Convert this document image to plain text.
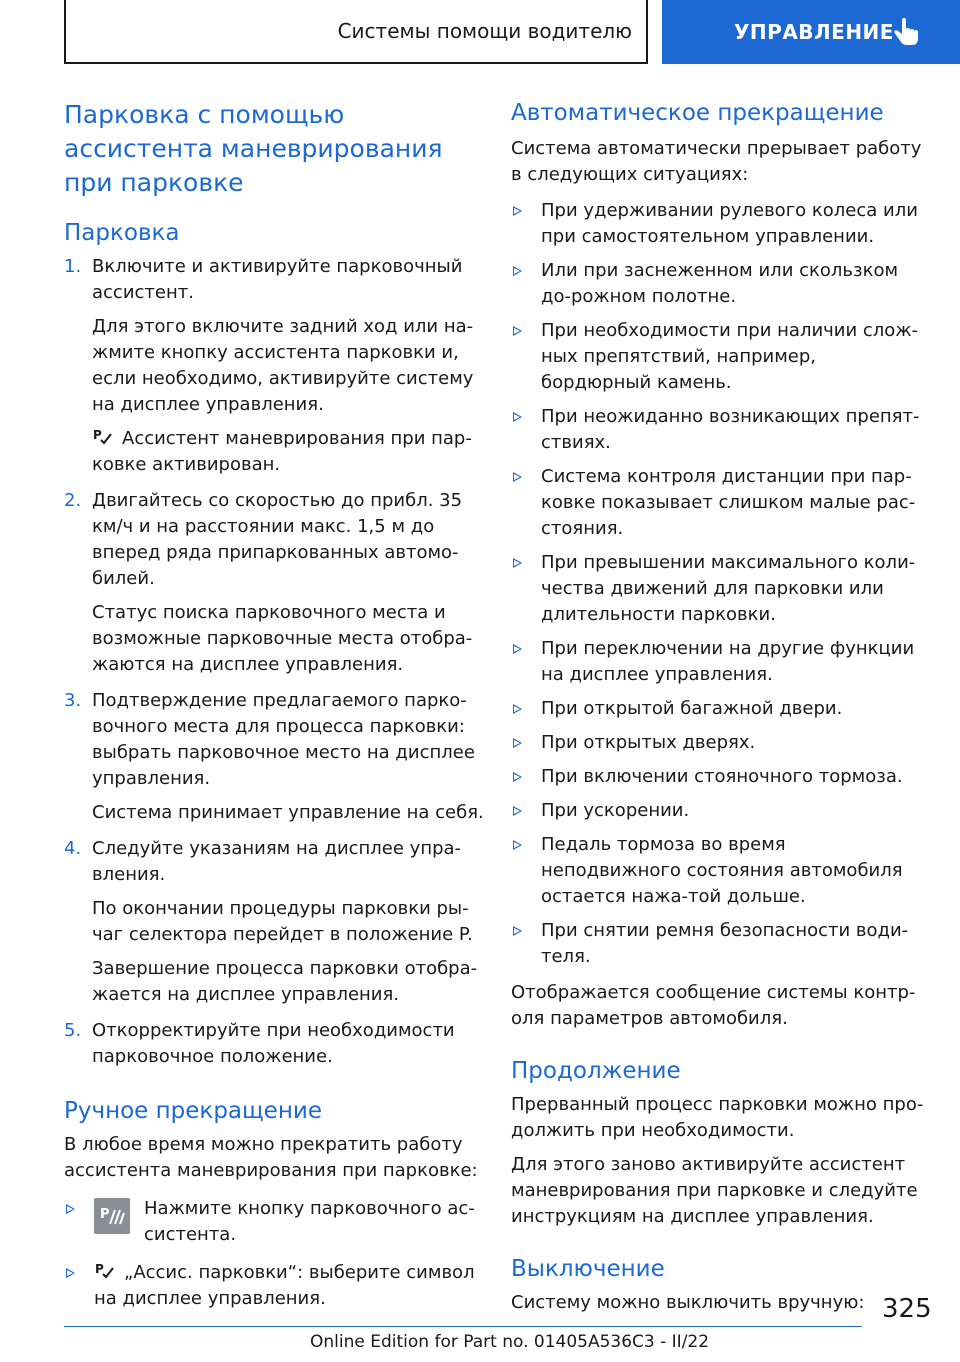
Системы помощи водителю	УПРАВЛЕНИЕ
Парковка с помощью ассистента маневрирования при парковке
Парковка
1. Включите и активируйте парковочный ассистент.

Для этого включите задний ход или на-жмите кнопку ассистента парковки и, если необходимо, активируйте систему на дисплее управления.

P Ассистент маневрирования при пар-ковке активирован.

2. Двигайтесь со скоростью до прибл. 35 км/ч и на расстоянии макс. 1,5 м до вперед ряда припаркованных автомо-билей.

Статус поиска парковочного места и возможные парковочные места отобра-жаются на дисплее управления.

3. Подтверждение предлагаемого парко-вочного места для процесса парковки: выбрать парковочное место на дисплее управления.

Система принимает управление на себя.

4. Следуйте указаниям на дисплее упра-вления.

По окончании процедуры парковки ры-чаг селектора перейдет в положение P.

Завершение процесса парковки отобра-жается на дисплее управления.

5. Откорректируйте при необходимости парковочное положение.

Ручное прекращение

В любое время можно прекратить работу ассистента маневрирования при парковке:

P Нажмите кнопку парковочного ас-систента.
P „Ассис. парковки“: выберите символ на дисплее управления.
Автоматическое прекращение

Система автоматически прерывает работу в следующих ситуациях:

При удерживании рулевого колеса или при самостоятельном управлении.
Или при заснеженном или скользком до-рожном полотне.
При необходимости при наличии слож-ных препятствий, например, бордюрный камень.
При неожиданно возникающих препят-ствиях.
Система контроля дистанции при пар-ковке показывает слишком малые рас-стояния.
При превышении максимального коли-чества движений для парковки или длительности парковки.
При переключении на другие функции на дисплее управления.
При открытой багажной двери.
При открытых дверях.
При включении стояночного тормоза.
При ускорении.
Педаль тормоза во время неподвижного состояния автомобиля остается нажа-той дольше.
При снятии ремня безопасности води-теля.

Отображается сообщение системы контр-оля параметров автомобиля.

Продолжение

Прерванный процесс парковки можно про-должить при необходимости.

Для этого заново активируйте ассистент маневрирования при парковке и следуйте инструкциям на дисплее управления.

Выключение

Систему можно выключить вручную: 325
Online Edition for Part no. 01405A536C3 - II/22
